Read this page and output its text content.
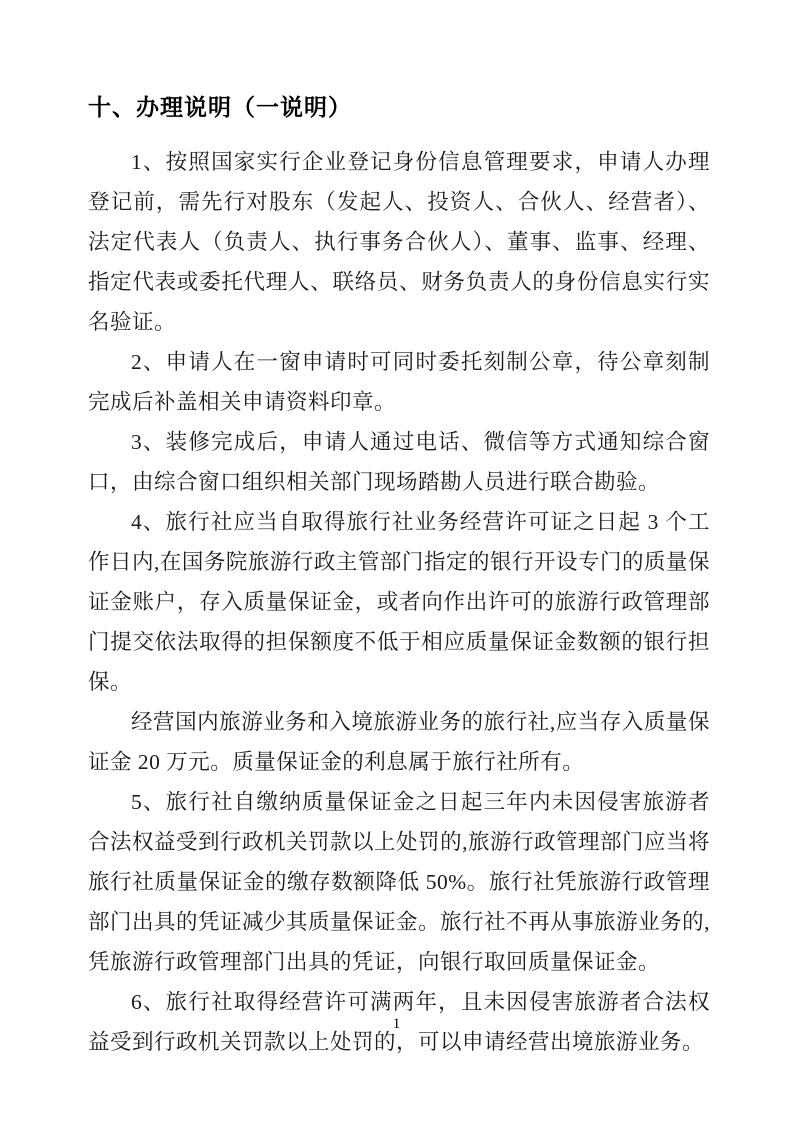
十、办理说明（一说明）

1、按照国家实行企业登记身份信息管理要求，申请人办理登记前，需先行对股东（发起人、投资人、合伙人、经营者）、法定代表人（负责人、执行事务合伙人）、董事、监事、经理、指定代表或委托代理人、联络员、财务负责人的身份信息实行实名验证。

2、申请人在一窗申请时可同时委托刻制公章，待公章刻制完成后补盖相关申请资料印章。

3、装修完成后，申请人通过电话、微信等方式通知综合窗口，由综合窗口组织相关部门现场踏勘人员进行联合勘验。

4、旅行社应当自取得旅行社业务经营许可证之日起 3 个工作日内,在国务院旅游行政主管部门指定的银行开设专门的质量保证金账户，存入质量保证金，或者向作出许可的旅游行政管理部门提交依法取得的担保额度不低于相应质量保证金数额的银行担保。

经营国内旅游业务和入境旅游业务的旅行社,应当存入质量保证金 20 万元。质量保证金的利息属于旅行社所有。

5、旅行社自缴纳质量保证金之日起三年内未因侵害旅游者合法权益受到行政机关罚款以上处罚的,旅游行政管理部门应当将旅行社质量保证金的缴存数额降低 50%。旅行社凭旅游行政管理部门出具的凭证减少其质量保证金。旅行社不再从事旅游业务的,凭旅游行政管理部门出具的凭证，向银行取回质量保证金。

6、旅行社取得经营许可满两年，且未因侵害旅游者合法权益受到行政机关罚款以上处罚的，可以申请经营出境旅游业务。

1
